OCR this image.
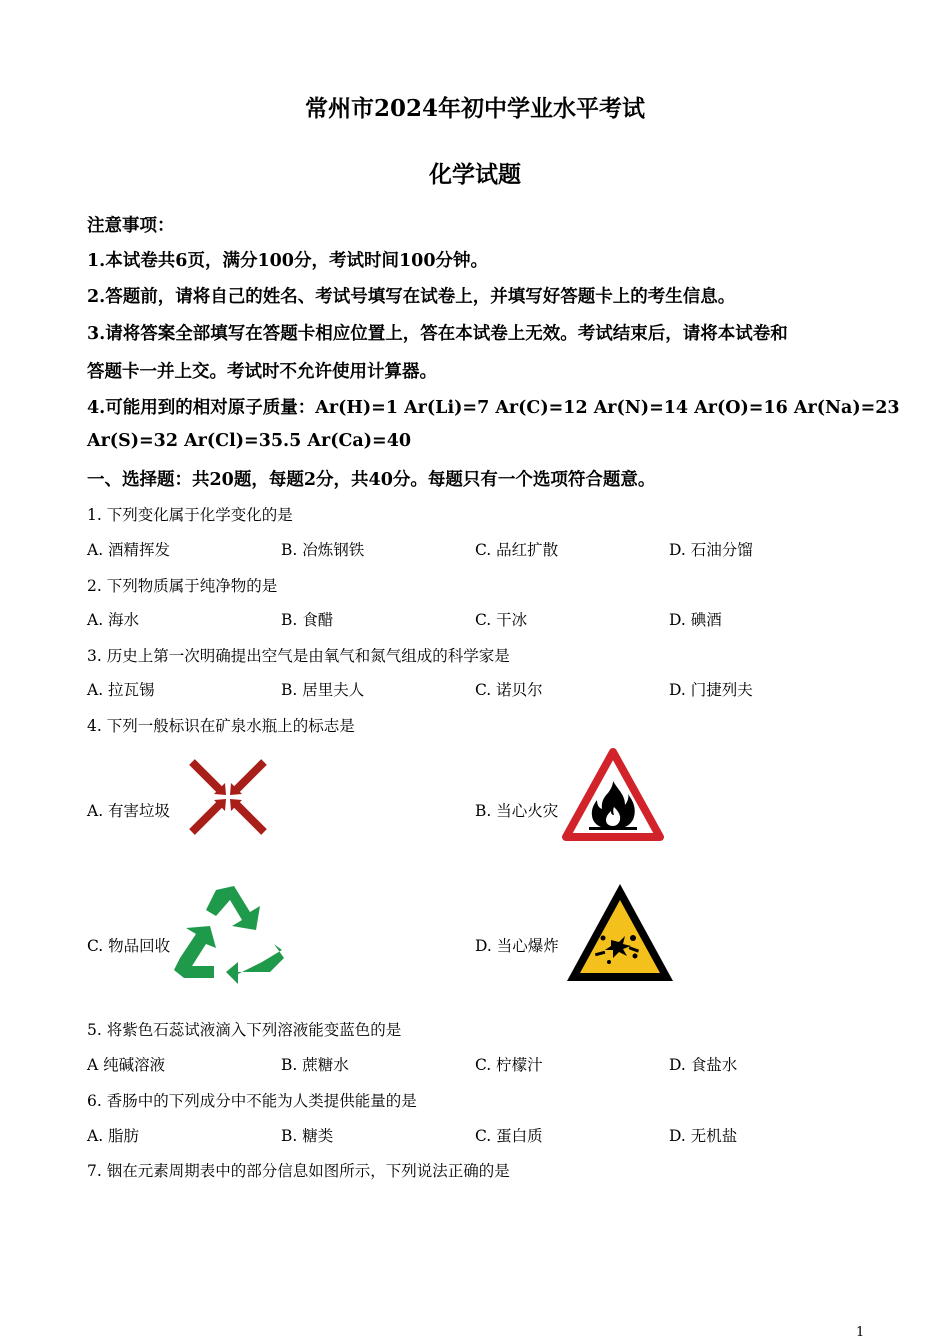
常州市2024年初中学业水平考试
化学试题
注意事项：
1.本试卷共6页，满分100分，考试时间100分钟。
2.答题前，请将自己的姓名、考试号填写在试卷上，并填写好答题卡上的考生信息。
3.请将答案全部填写在答题卡相应位置上，答在本试卷上无效。考试结束后，请将本试卷和
答题卡一并上交。考试时不允许使用计算器。
4.可能用到的相对原子质量：Ar(H)=1 Ar(Li)=7 Ar(C)=12 Ar(N)=14 Ar(O)=16 Ar(Na)=23
Ar(S)=32 Ar(Cl)=35.5 Ar(Ca)=40
一、选择题：共20题，每题2分，共40分。每题只有一个选项符合题意。
1. 下列变化属于化学变化的是
A. 酒精挥发	B. 冶炼钢铁	C. 品红扩散	D. 石油分馏
2. 下列物质属于纯净物的是
A. 海水	B. 食醋	C. 干冰	D. 碘酒
3. 历史上第一次明确提出空气是由氧气和氮气组成的科学家是
A. 拉瓦锡	B. 居里夫人	C. 诺贝尔	D. 门捷列夫
4. 下列一般标识在矿泉水瓶上的标志是
A. 有害垃圾	B. 当心火灾
C. 物品回收	D. 当心爆炸
5. 将紫色石蕊试液滴入下列溶液能变蓝色的是
A 纯碱溶液	B. 蔗糖水	C. 柠檬汁	D. 食盐水
6. 香肠中的下列成分中不能为人类提供能量的是
A. 脂肪	B. 糖类	C. 蛋白质	D. 无机盐
7. 铟在元素周期表中的部分信息如图所示，下列说法正确的是
1
